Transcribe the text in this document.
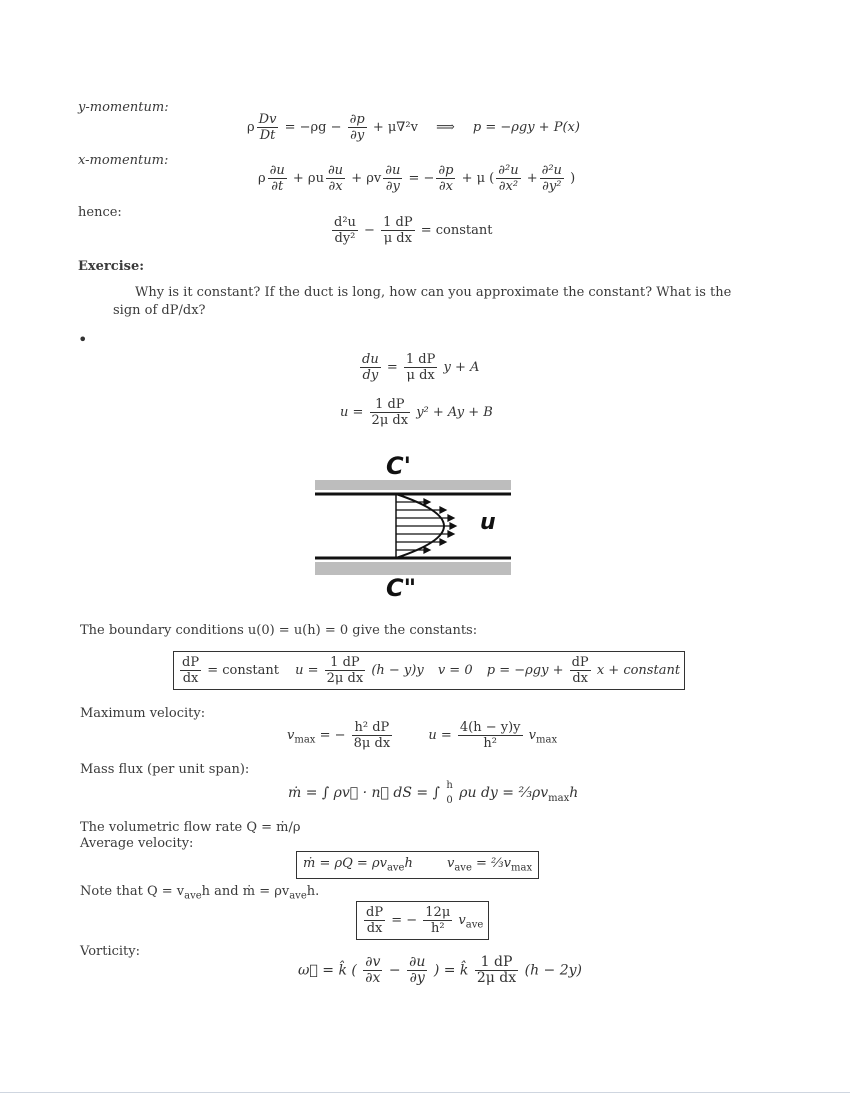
y-momentum:
ρ $\frac{Dv}{Dt} = -\rho g - \frac{\partial p}{\partial y} + \mu\nabla^2v$ ⟹ p = −ρgy + P(x)
x-momentum:
ρ $\frac{\partial u}{\partial t} + \rho u \frac{\partial u}{\partial x} + \rho v \frac{\partial u}{\partial y}$ = − $\frac{\partial p}{\partial x} + \mu$ ( $\frac{\text{∂²u}}{\text{∂x²}} + \frac{\text{∂²u}}{\text{∂y²}}$ )
hence:
$\frac{\text{d²u}}{\text{dy²}} - \frac{1 dP}{\text{μ dx}}$ = constant
Exercise:
Why is it constant? If the duct is long, how can you approximate the constant? What is the
sign of dP/dx?
•
$\frac{du}{dy} = \frac{1 dP}{\text{μ dx}}$ y + A
$u = \frac{1 dP}{\text{2μ dx}} y^2 + Ay + B$
C'
u
C"
The boundary conditions u(0) = u(h) = 0 give the constants:
$\frac{dP}{dx}$ = constant $u = \frac{1 dP}{\text{2μ dx}} (h - y)y$ v = 0 $p = -\rho gy + \frac{dP}{dx}$ x + constant
Maximum velocity:
$v_{max}$ = − $\frac{\text{h² dP}}{\text{8μ dx}}$	$u = \frac{4(h - y)y}{\text{h²}} v_{max}$
Mass flux (per unit span):
ṁ = ∫ ρv⃗ · n⃗ dS = ∫ h
0 ρu dy = $\frac{2}{3}\rho v_{max}h$
The volumetric flow rate Q = ṁ/ρ
Average velocity:
ṁ = $\rho Q = \rho v_{ave}h$	$v_{ave}$ = $\frac{2}{3}v_{max}$
Note that $Q = v_{ave}h$ and ṁ = $\rho v_{ave}h$.
$\frac{dP}{dx}$ = − $\frac{12\mu}{\text{h²}} v_{ave}$
Vorticity:
ω⃗ = k̂ ( $\frac{\partial v}{\partial x} - \frac{\partial u}{\partial y}$ ) = k̂ $\frac{1 dP}{\text{2μ dx}} (h - 2y)$
